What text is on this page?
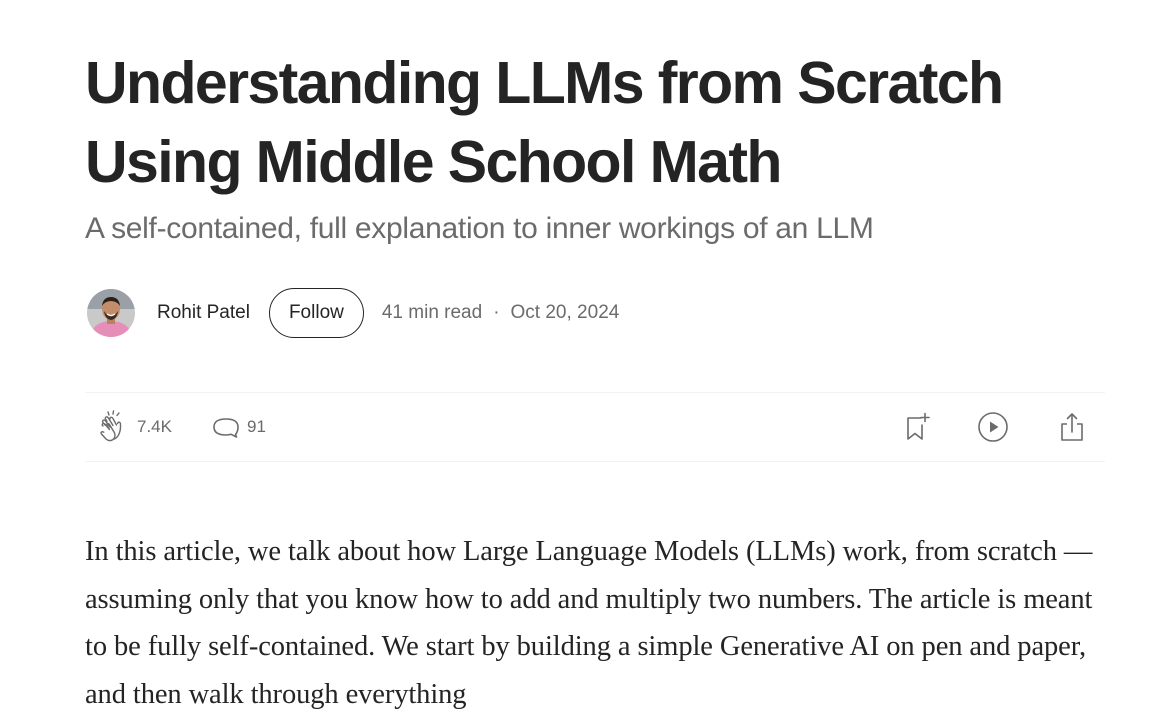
Understanding LLMs from Scratch Using Middle School Math
A self-contained, full explanation to inner workings of an LLM
Rohit Patel	Follow	41 min read · Oct 20, 2024
7.4K	91

In this article, we talk about how Large Language Models (LLMs) work, from scratch — assuming only that you know how to add and multiply two numbers. The article is meant to be fully self-contained. We start by building a simple Generative AI on pen and paper, and then walk through everything
